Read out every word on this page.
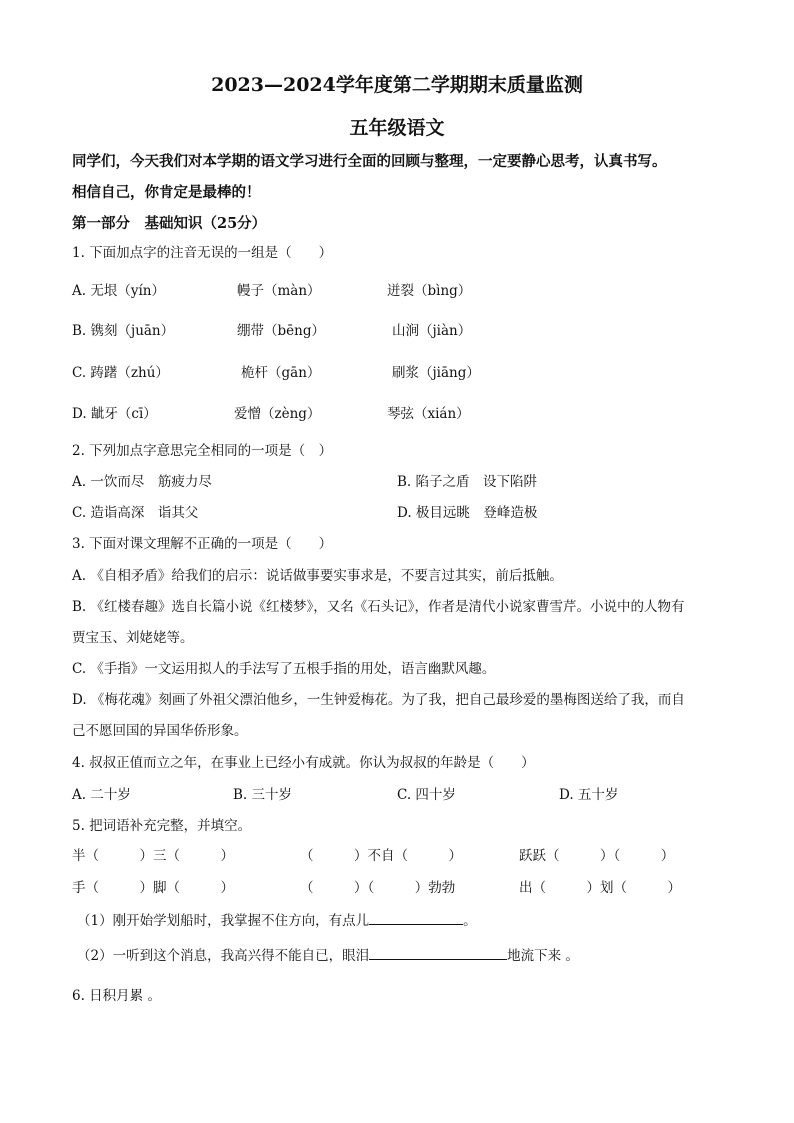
2023—2024学年度第二学期期末质量监测
五年级语文
同学们，今天我们对本学期的语文学习进行全面的回顾与整理，一定要静心思考，认真书写。
相信自己，你肯定是最棒的！
第一部分　基础知识（25分）
1. 下面加点字的注音无误的一组是（　　）
A. 无垠（yín）	幔子（màn）	迸裂（bìng）
B. 镌刻（juān）	绷带（bēng）	山涧（jiàn）
C. 踌躇（zhú）	桅杆（gān）	刷浆（jiāng）
D. 龇牙（cī）	爱憎（zèng）	琴弦（xián）
2. 下列加点字意思完全相同的一项是（　）
A. 一饮而尽　筋疲力尽	B. 陷子之盾　设下陷阱
C. 造诣高深　诣其父	D. 极目远眺　登峰造极
3. 下面对课文理解不正确的一项是（　　）
A. 《自相矛盾》给我们的启示：说话做事要实事求是，不要言过其实，前后抵触。
B. 《红楼春趣》选自长篇小说《红楼梦》，又名《石头记》，作者是清代小说家曹雪芹。小说中的人物有
贾宝玉、刘姥姥等。
C. 《手指》一文运用拟人的手法写了五根手指的用处，语言幽默风趣。
D. 《梅花魂》刻画了外祖父漂泊他乡，一生钟爱梅花。为了我，把自己最珍爱的墨梅图送给了我，而自
己不愿回国的异国华侨形象。
4. 叔叔正值而立之年，在事业上已经小有成就。你认为叔叔的年龄是（　　）
A. 二十岁	B. 三十岁	C. 四十岁	D. 五十岁
5. 把词语补充完整，并填空。
半（　　　）三（　　　）	（　　　）不自（　　　）	跃跃（　　　）（　　　）
手（　　　）脚（　　　）	（　　　）（　　　）勃勃	出（　　　）划（　　　）
（1）刚开始学划船时，我掌握不住方向，有点儿	。
（2）一听到这个消息，我高兴得不能自已，眼泪	地流下来 。
6. 日积月累 。
